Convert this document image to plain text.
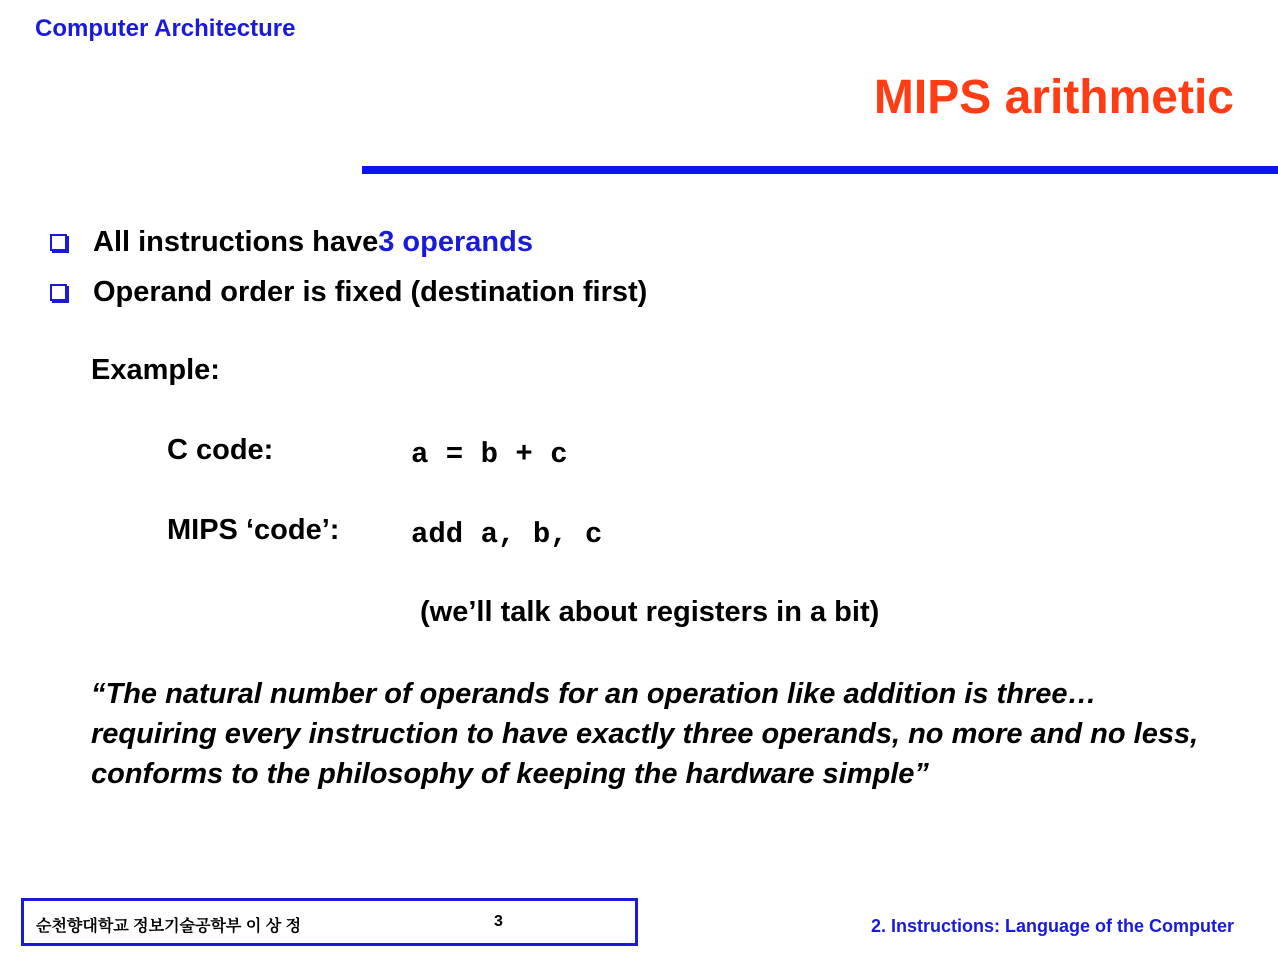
Computer Architecture
MIPS arithmetic
All instructions have 3 operands
Operand order is fixed (destination first)
Example:
C code:	a = b + c
MIPS ‘code’: add a, b, c
(we’ll talk about registers in a bit)
“The natural number of operands for an operation like addition is three…requiring every instruction to have exactly three operands, no more and no less, conforms to the philosophy of keeping the hardware simple”
순천향대학교 정보기술공학부 이 상 정	3	2. Instructions: Language of the Computer
